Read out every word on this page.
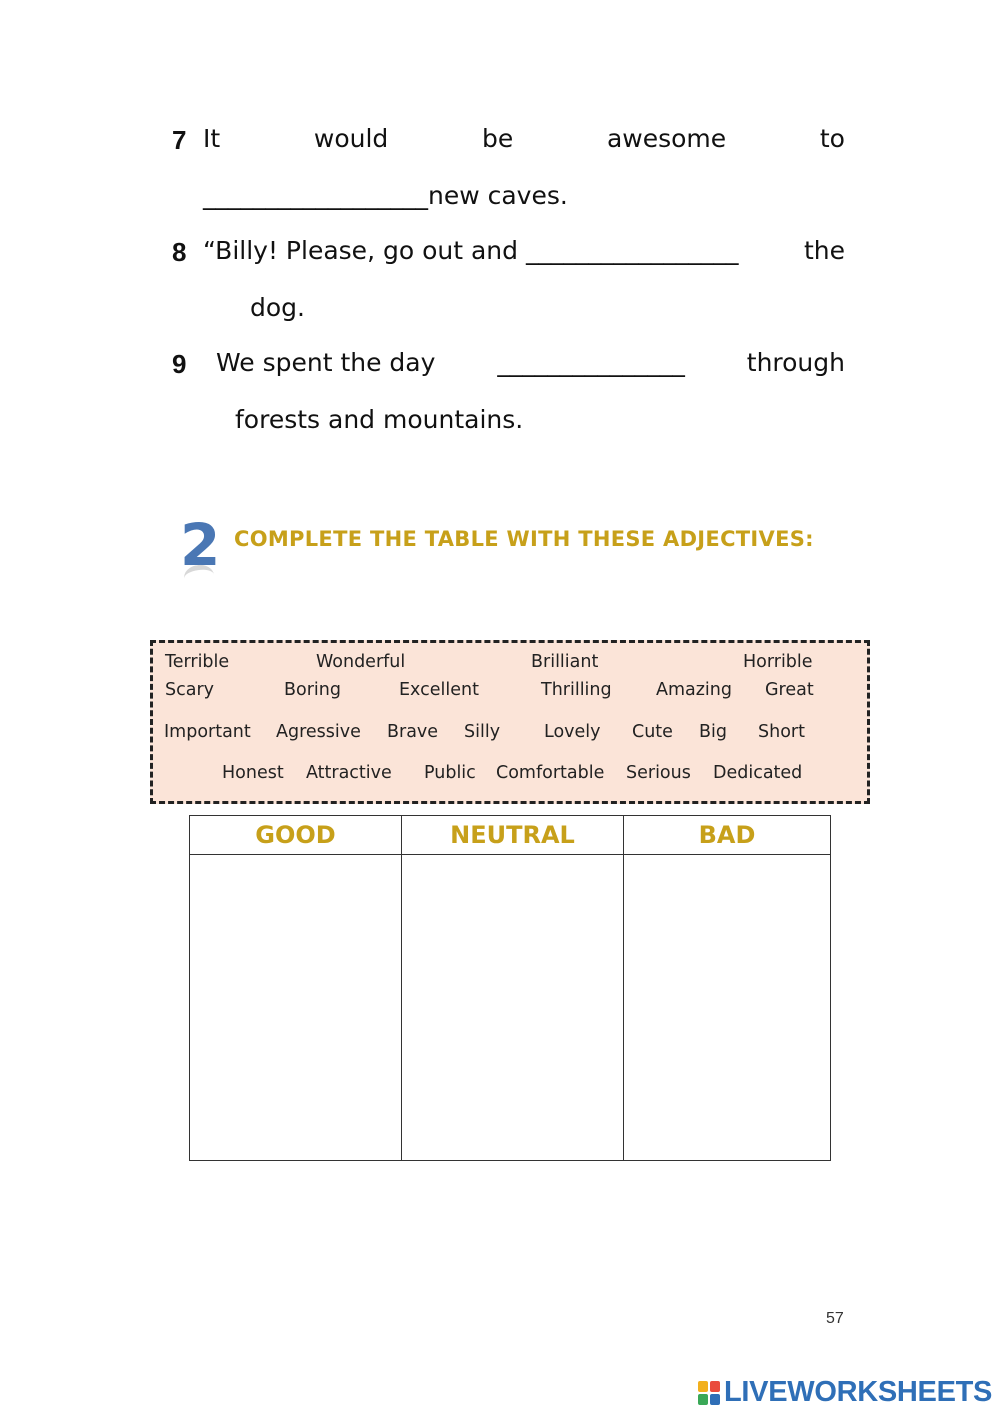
7 It	would	be	awesome	to
__________________new caves.
8 “Billy! Please, go out and _________________	the
dog.
9 We spent the day _______________ through
forests and mountains.
2 COMPLETE THE TABLE WITH THESE ADJECTIVES:
Terrible	Wonderful	Brilliant	Horrible
Scary	Boring	Excellent	Thrilling	Amazing Great
Important Agressive Brave Silly	Lovely Cute Big Short
Honest Attractive Public Comfortable Serious Dedicated
GOOD	NEUTRAL	BAD

57
LIVEWORKSHEETS
